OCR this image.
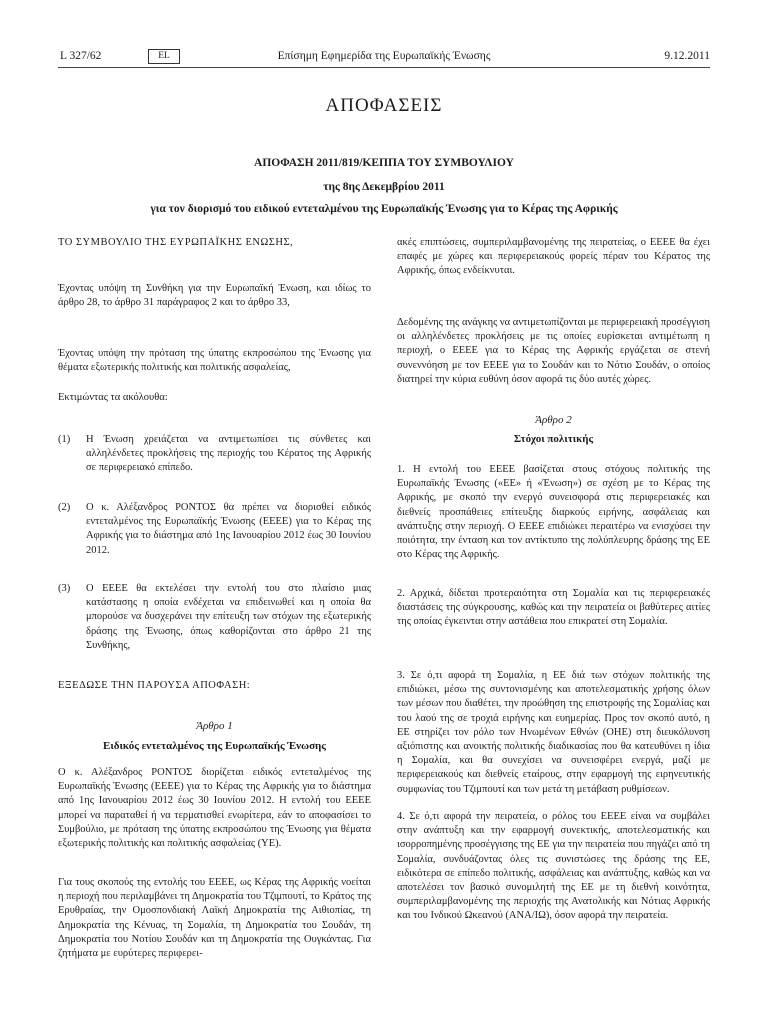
L 327/62	EL	Επίσημη Εφημερίδα της Ευρωπαϊκής Ένωσης	9.12.2011
ΑΠΟΦΑΣΕΙΣ
ΑΠΟΦΑΣΗ 2011/819/ΚΕΠΠΑ ΤΟΥ ΣΥΜΒΟΥΛΙΟΥ
της 8ης Δεκεμβρίου 2011
για τον διορισμό του ειδικού εντεταλμένου της Ευρωπαϊκής Ένωσης για το Κέρας της Αφρικής

ΤΟ ΣΥΜΒΟΥΛΙΟ ΤΗΣ ΕΥΡΩΠΑΪΚΗΣ ΕΝΩΣΗΣ,

Έχοντας υπόψη τη Συνθήκη για την Ευρωπαϊκή Ένωση, και ιδίως το άρθρο 28, το άρθρο 31 παράγραφος 2 και το άρθρο 33,

Έχοντας υπόψη την πρόταση της ύπατης εκπροσώπου της Ένωσης για θέματα εξωτερικής πολιτικής και πολιτικής ασφαλείας,

Εκτιμώντας τα ακόλουθα:

(1) Η Ένωση χρειάζεται να αντιμετωπίσει τις σύνθετες και αλληλένδετες προκλήσεις της περιοχής του Κέρατος της Αφρικής σε περιφερειακό επίπεδο.
(2) Ο κ. Αλέξανδρος ΡΟΝΤΟΣ θα πρέπει να διορισθεί ειδικός εντεταλμένος της Ευρωπαϊκής Ένωσης (ΕΕΕΕ) για το Κέρας της Αφρικής για το διάστημα από 1ης Ιανουαρίου 2012 έως 30 Ιουνίου 2012.
(3) Ο ΕΕΕΕ θα εκτελέσει την εντολή του στο πλαίσιο μιας κατάστασης η οποία ενδέχεται να επιδεινωθεί και η οποία θα μπορούσε να δυσχεράνει την επίτευξη των στόχων της εξωτερικής δράσης της Ένωσης, όπως καθορίζονται στο άρθρο 21 της Συνθήκης,

ΕΞΕΔΩΣΕ ΤΗΝ ΠΑΡΟΥΣΑ ΑΠΟΦΑΣΗ:

Άρθρο 1
Ειδικός εντεταλμένος της Ευρωπαϊκής Ένωσης

Ο κ. Αλέξανδρος ΡΟΝΤΟΣ διορίζεται ειδικός εντεταλμένος της Ευρωπαϊκής Ένωσης (ΕΕΕΕ) για το Κέρας της Αφρικής για το διάστημα από 1ης Ιανουαρίου 2012 έως 30 Ιουνίου 2012. Η εντολή του ΕΕΕΕ μπορεί να παραταθεί ή να τερματισθεί ενωρίτερα, εάν το αποφασίσει το Συμβούλιο, με πρόταση της ύπατης εκπροσώπου της Ένωσης για θέματα εξωτερικής πολιτικής και πολιτικής ασφαλείας (ΥΕ).

Για τους σκοπούς της εντολής του ΕΕΕΕ, ως Κέρας της Αφρικής νοείται η περιοχή που περιλαμβάνει τη Δημοκρατία του Τζιμπουτί, το Κράτος της Ερυθραίας, την Ομοσπονδιακή Λαϊκή Δημοκρατία της Αιθιοπίας, τη Δημοκρατία της Κένυας, τη Σομαλία, τη Δημοκρατία του Σουδάν, τη Δημοκρατία του Νοτίου Σουδάν και τη Δημοκρατία της Ουγκάντας. Για ζητήματα με ευρύτερες περιφερει-

ακές επιπτώσεις, συμπεριλαμβανομένης της πειρατείας, ο ΕΕΕΕ θα έχει επαφές με χώρες και περιφερειακούς φορείς πέραν του Κέρατος της Αφρικής, όπως ενδείκνυται.

Δεδομένης της ανάγκης να αντιμετωπίζονται με περιφερειακή προσέγγιση οι αλληλένδετες προκλήσεις με τις οποίες ευρίσκεται αντιμέτωπη η περιοχή, ο ΕΕΕΕ για το Κέρας της Αφρικής εργάζεται σε στενή συνεννόηση με τον ΕΕΕΕ για το Σουδάν και το Νότιο Σουδάν, ο οποίος διατηρεί την κύρια ευθύνη όσον αφορά τις δύο αυτές χώρες.

Άρθρο 2
Στόχοι πολιτικής

1. Η εντολή του ΕΕΕΕ βασίζεται στους στόχους πολιτικής της Ευρωπαϊκής Ένωσης («ΕΕ» ή «Ένωση») σε σχέση με το Κέρας της Αφρικής, με σκοπό την ενεργό συνεισφορά στις περιφερειακές και διεθνείς προσπάθειες επίτευξης διαρκούς ειρήνης, ασφάλειας και ανάπτυξης στην περιοχή. Ο ΕΕΕΕ επιδιώκει περαιτέρω να ενισχύσει την ποιότητα, την ένταση και τον αντίκτυπο της πολύπλευρης δράσης της ΕΕ στο Κέρας της Αφρικής.

2. Αρχικά, δίδεται προτεραιότητα στη Σομαλία και τις περιφερειακές διαστάσεις της σύγκρουσης, καθώς και την πειρατεία οι βαθύτερες αιτίες της οποίας έγκεινται στην αστάθεια που επικρατεί στη Σομαλία.

3. Σε ό,τι αφορά τη Σομαλία, η ΕΕ διά των στόχων πολιτικής της επιδιώκει, μέσω της συντονισμένης και αποτελεσματικής χρήσης όλων των μέσων που διαθέτει, την προώθηση της επιστροφής της Σομαλίας και του λαού της σε τροχιά ειρήνης και ευημερίας. Προς τον σκοπό αυτό, η ΕΕ στηρίζει τον ρόλο των Ηνωμένων Εθνών (ΟΗΕ) στη διευκόλυνση αξιόπιστης και ανοικτής πολιτικής διαδικασίας που θα κατευθύνει η ίδια η Σομαλία, και θα συνεχίσει να συνεισφέρει ενεργά, μαζί με περιφερειακούς και διεθνείς εταίρους, στην εφαρμογή της ειρηνευτικής συμφωνίας του Τζιμπουτί και των μετά τη μετάβαση ρυθμίσεων.

4. Σε ό,τι αφορά την πειρατεία, ο ρόλος του ΕΕΕΕ είναι να συμβάλει στην ανάπτυξη και την εφαρμογή συνεκτικής, αποτελεσματικής και ισορροπημένης προσέγγισης της ΕΕ για την πειρατεία που πηγάζει από τη Σομαλία, συνδυάζοντας όλες τις συνιστώσες της δράσης της ΕΕ, ειδικότερα σε επίπεδο πολιτικής, ασφάλειας και ανάπτυξης, καθώς και να αποτελέσει τον βασικό συνομιλητή της ΕΕ με τη διεθνή κοινότητα, συμπεριλαμβανομένης της περιοχής της Ανατολικής και Νότιας Αφρικής και του Ινδικού Ωκεανού (ΑΝΑ/ΙΩ), όσον αφορά την πειρατεία.
